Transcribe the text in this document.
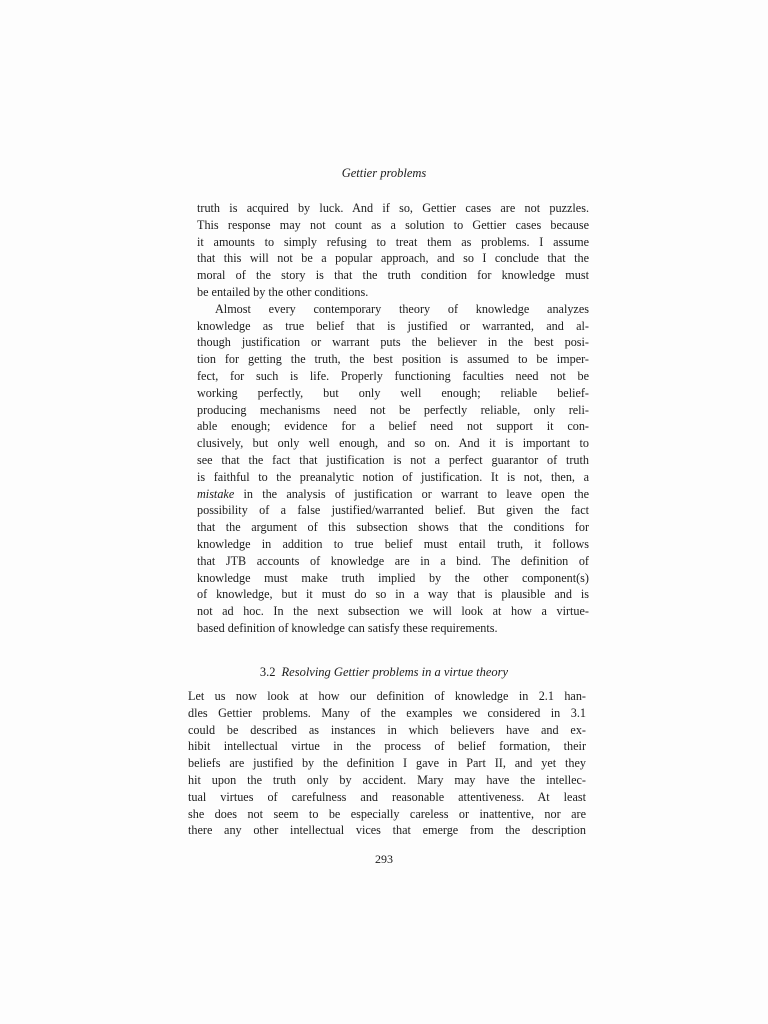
Gettier problems
truth is acquired by luck. And if so, Gettier cases are not puzzles.
This response may not count as a solution to Gettier cases because
it amounts to simply refusing to treat them as problems. I assume
that this will not be a popular approach, and so I conclude that the
moral of the story is that the truth condition for knowledge must
be entailed by the other conditions.
Almost every contemporary theory of knowledge analyzes
knowledge as true belief that is justified or warranted, and al-
though justification or warrant puts the believer in the best posi-
tion for getting the truth, the best position is assumed to be imper-
fect, for such is life. Properly functioning faculties need not be
working perfectly, but only well enough; reliable belief-
producing mechanisms need not be perfectly reliable, only reli-
able enough; evidence for a belief need not support it con-
clusively, but only well enough, and so on. And it is important to
see that the fact that justification is not a perfect guarantor of truth
is faithful to the preanalytic notion of justification. It is not, then, a
mistake in the analysis of justification or warrant to leave open the
possibility of a false justified/warranted belief. But given the fact
that the argument of this subsection shows that the conditions for
knowledge in addition to true belief must entail truth, it follows
that JTB accounts of knowledge are in a bind. The definition of
knowledge must make truth implied by the other component(s)
of knowledge, but it must do so in a way that is plausible and is
not ad hoc. In the next subsection we will look at how a virtue-
based definition of knowledge can satisfy these requirements.
3.2 Resolving Gettier problems in a virtue theory
Let us now look at how our definition of knowledge in 2.1 han-
dles Gettier problems. Many of the examples we considered in 3.1
could be described as instances in which believers have and ex-
hibit intellectual virtue in the process of belief formation, their
beliefs are justified by the definition I gave in Part II, and yet they
hit upon the truth only by accident. Mary may have the intellec-
tual virtues of carefulness and reasonable attentiveness. At least
she does not seem to be especially careless or inattentive, nor are
there any other intellectual vices that emerge from the description
293
